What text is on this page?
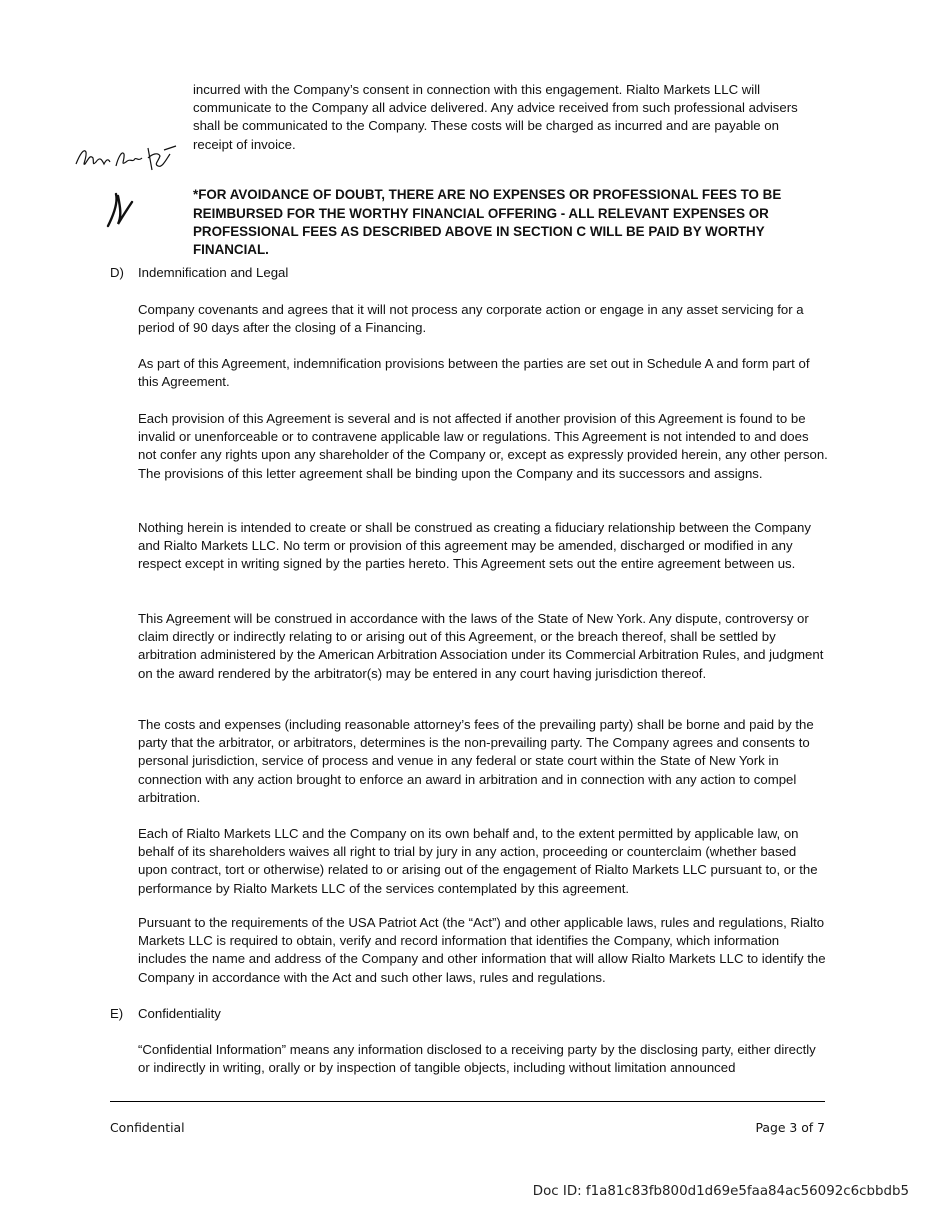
incurred with the Company’s consent in connection with this engagement. Rialto Markets LLC will communicate to the Company all advice delivered. Any advice received from such professional advisers shall be communicated to the Company. These costs will be charged as incurred and are payable on receipt of invoice.

*FOR AVOIDANCE OF DOUBT, THERE ARE NO EXPENSES OR PROFESSIONAL FEES TO BE REIMBURSED FOR THE WORTHY FINANCIAL OFFERING - ALL RELEVANT EXPENSES OR PROFESSIONAL FEES AS DESCRIBED ABOVE IN SECTION C WILL BE PAID BY WORTHY FINANCIAL.

D) Indemnification and Legal

Company covenants and agrees that it will not process any corporate action or engage in any asset servicing for a period of 90 days after the closing of a Financing.

As part of this Agreement, indemnification provisions between the parties are set out in Schedule A and form part of this Agreement.

Each provision of this Agreement is several and is not affected if another provision of this Agreement is found to be invalid or unenforceable or to contravene applicable law or regulations. This Agreement is not intended to and does not confer any rights upon any shareholder of the Company or, except as expressly provided herein, any other person. The provisions of this letter agreement shall be binding upon the Company and its successors and assigns.

Nothing herein is intended to create or shall be construed as creating a fiduciary relationship between the Company and Rialto Markets LLC. No term or provision of this agreement may be amended, discharged or modified in any respect except in writing signed by the parties hereto. This Agreement sets out the entire agreement between us.

This Agreement will be construed in accordance with the laws of the State of New York. Any dispute, controversy or claim directly or indirectly relating to or arising out of this Agreement, or the breach thereof, shall be settled by arbitration administered by the American Arbitration Association under its Commercial Arbitration Rules, and judgment on the award rendered by the arbitrator(s) may be entered in any court having jurisdiction thereof.

The costs and expenses (including reasonable attorney’s fees of the prevailing party) shall be borne and paid by the party that the arbitrator, or arbitrators, determines is the non-prevailing party. The Company agrees and consents to personal jurisdiction, service of process and venue in any federal or state court within the State of New York in connection with any action brought to enforce an award in arbitration and in connection with any action to compel arbitration.

Each of Rialto Markets LLC and the Company on its own behalf and, to the extent permitted by applicable law, on behalf of its shareholders waives all right to trial by jury in any action, proceeding or counterclaim (whether based upon contract, tort or otherwise) related to or arising out of the engagement of Rialto Markets LLC pursuant to, or the performance by Rialto Markets LLC of the services contemplated by this agreement.

Pursuant to the requirements of the USA Patriot Act (the “Act”) and other applicable laws, rules and regulations, Rialto Markets LLC is required to obtain, verify and record information that identifies the Company, which information includes the name and address of the Company and other information that will allow Rialto Markets LLC to identify the Company in accordance with the Act and such other laws, rules and regulations.

E) Confidentiality

“Confidential Information” means any information disclosed to a receiving party by the disclosing party, either directly or indirectly in writing, orally or by inspection of tangible objects, including without limitation announced

Confidential	Page 3 of 7
Doc ID: f1a81c83fb800d1d69e5faa84ac56092c6cbbdb5
